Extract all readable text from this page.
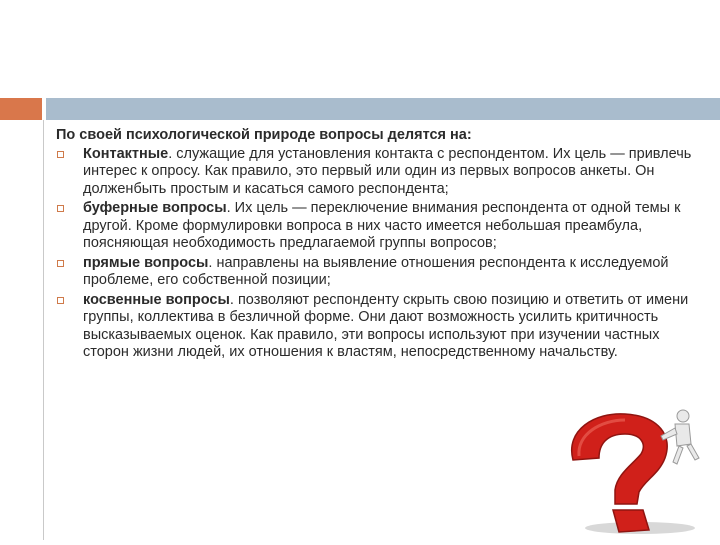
По своей психологической природе вопросы делятся на:
Контактные. служащие для установления контакта с респондентом. Их цель — привлечь интерес к опросу. Как правило, это первый или один из первых вопросов анкеты. Он долженбыть простым и касаться самого респондента;
буферные вопросы. Их цель — переключение внимания респондента от одной темы к другой. Кроме формулировки вопроса в них часто имеется небольшая преамбула, поясняющая необходимость предлагаемой группы вопросов;
прямые вопросы. направлены на выявление отношения респондента к исследуемой проблеме, его собственной позиции;
косвенные вопросы. позволяют респонденту скрыть свою позицию и ответить от имени группы, коллектива в безличной форме. Они дают возможность усилить критичность высказываемых оценок. Как правило, эти вопросы используют при изучении частных сторон жизни людей, их отношения к властям, непосредственному начальству.
